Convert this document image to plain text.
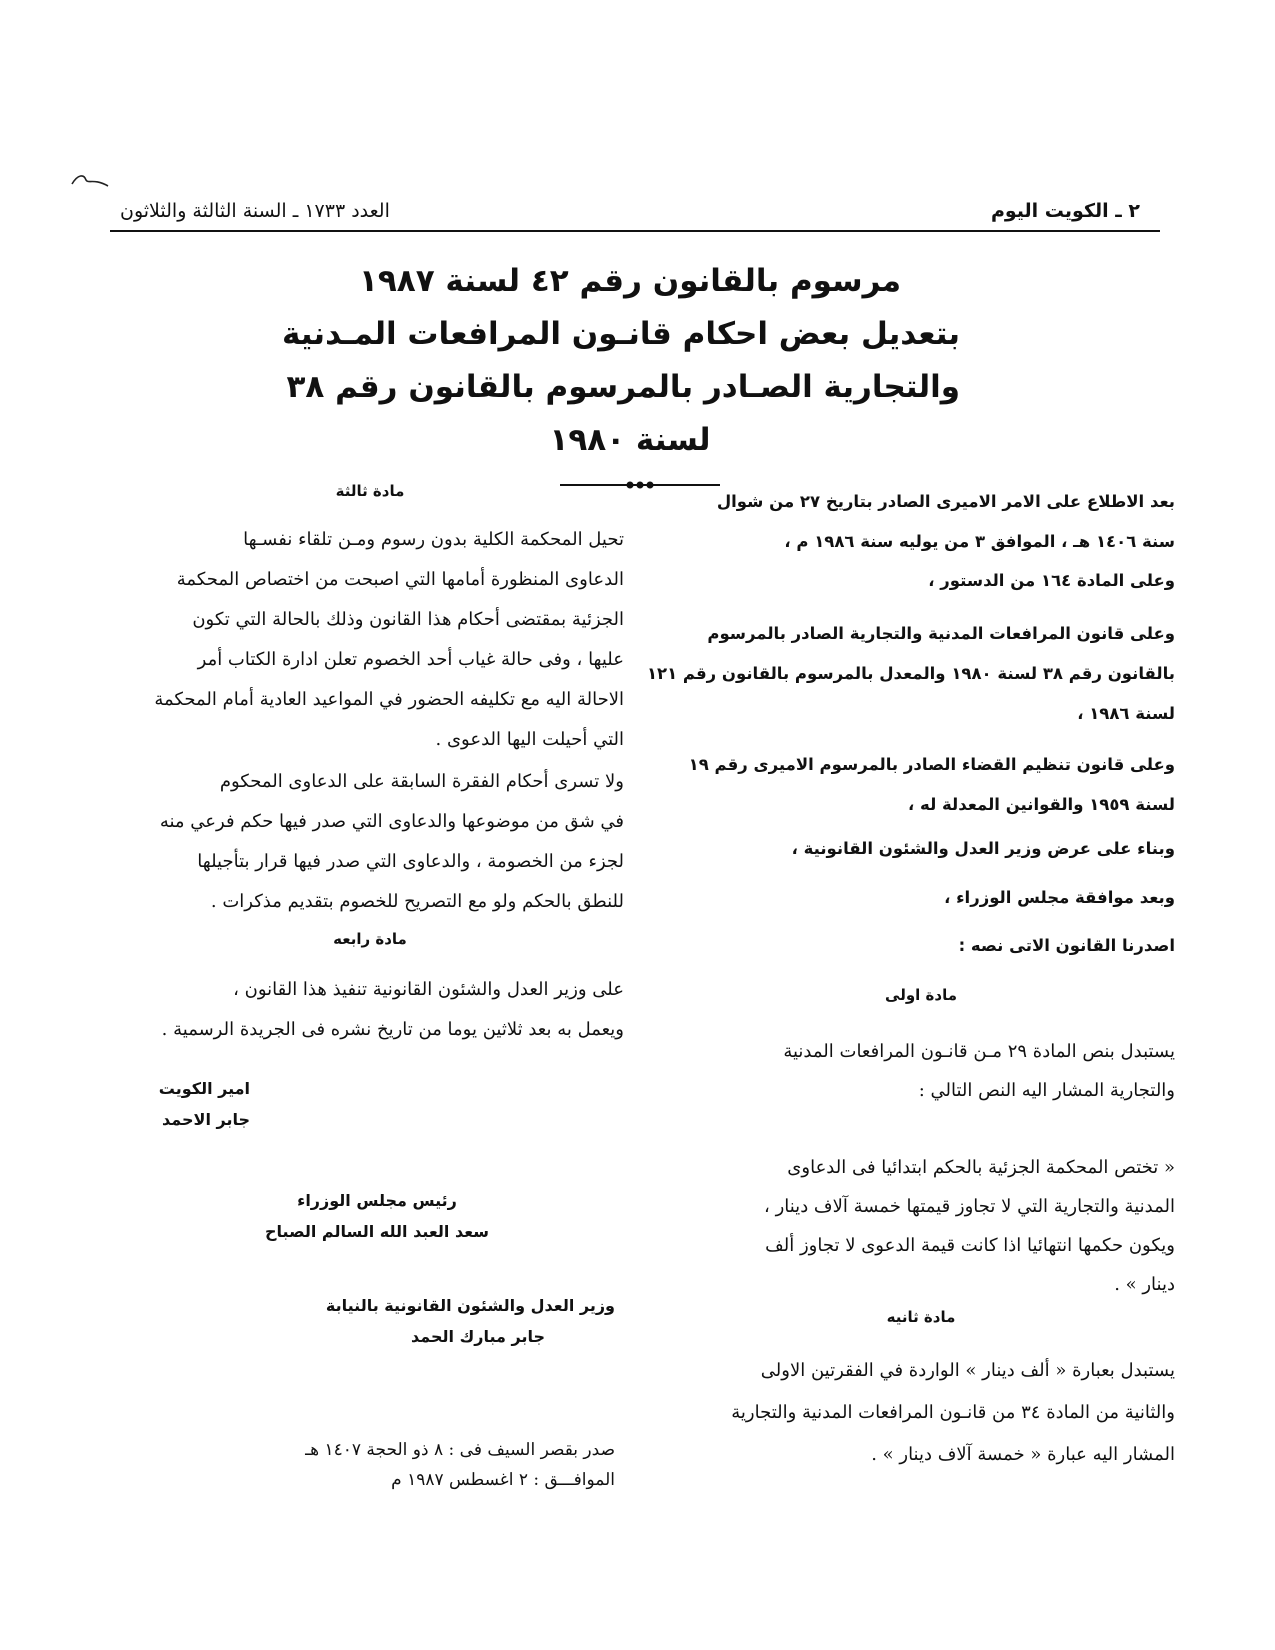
٢ ـ الكويت اليوم
العدد ١٧٣٣ ـ السنة الثالثة والثلاثون
مرسوم بالقانون رقم ٤٢ لسنة ١٩٨٧
بتعديل بعض احكام قانـون المرافعات المـدنية
والتجارية الصـادر بالمرسوم بالقانون رقم ٣٨
لسنة ١٩٨٠
بعد الاطلاع على الامر الاميرى الصادر بتاريخ ٢٧ من شوال
سنة ١٤٠٦ هـ ، الموافق ٣ من يوليه سنة ١٩٨٦ م ،
وعلى المادة ١٦٤ من الدستور ،
وعلى قانون المرافعات المدنية والتجارية الصادر بالمرسوم
بالقانون رقم ٣٨ لسنة ١٩٨٠ والمعدل بالمرسوم بالقانون رقم ١٢١
لسنة ١٩٨٦ ،
وعلى قانون تنظيم القضاء الصادر بالمرسوم الاميرى رقم ١٩
لسنة ١٩٥٩ والقوانين المعدلة له ،
وبناء على عرض وزير العدل والشئون القانونية ،
وبعد موافقة مجلس الوزراء ،
اصدرنا القانون الاتى نصه :
مادة اولى
يستبدل بنص المادة ٢٩ مـن قانـون المرافعات المدنية
والتجارية المشار اليه النص التالي :
« تختص المحكمة الجزئية بالحكم ابتدائيا فى الدعاوى
المدنية والتجارية التي لا تجاوز قيمتها خمسة آلاف دينار ،
ويكون حكمها انتهائيا اذا كانت قيمة الدعوى لا تجاوز ألف
دينار » .
مادة ثانيه
يستبدل بعبارة « ألف دينار » الواردة في الفقرتين الاولى
والثانية من المادة ٣٤ من قانـون المرافعات المدنية والتجارية
المشار اليه عبارة « خمسة آلاف دينار » .
مادة ثالثة
تحيل المحكمة الكلية بدون رسوم ومـن تلقاء نفسـها
الدعاوى المنظورة أمامها التي اصبحت من اختصاص المحكمة
الجزئية بمقتضى أحكام هذا القانون وذلك بالحالة التي تكون
عليها ، وفى حالة غياب أحد الخصوم تعلن ادارة الكتاب أمر
الاحالة اليه مع تكليفه الحضور في المواعيد العادية أمام المحكمة
التي أحيلت اليها الدعوى .
ولا تسرى أحكام الفقرة السابقة على الدعاوى المحكوم
في شق من موضوعها والدعاوى التي صدر فيها حكم فرعي منه
لجزء من الخصومة ، والدعاوى التي صدر فيها قرار بتأجيلها
للنطق بالحكم ولو مع التصريح للخصوم بتقديم مذكرات .
مادة رابعه
على وزير العدل والشئون القانونية تنفيذ هذا القانون ،
ويعمل به بعد ثلاثين يوما من تاريخ نشره فى الجريدة الرسمية .
امير الكويت
جابر الاحمد
رئيس مجلس الوزراء
سعد العبد الله السالم الصباح
وزير العدل والشئون القانونية بالنيابة
جابر مبارك الحمد
صدر بقصر السيف فى : ٨ ذو الحجة ١٤٠٧ هـ
الموافـــق : ٢ اغسطس ١٩٨٧ م
